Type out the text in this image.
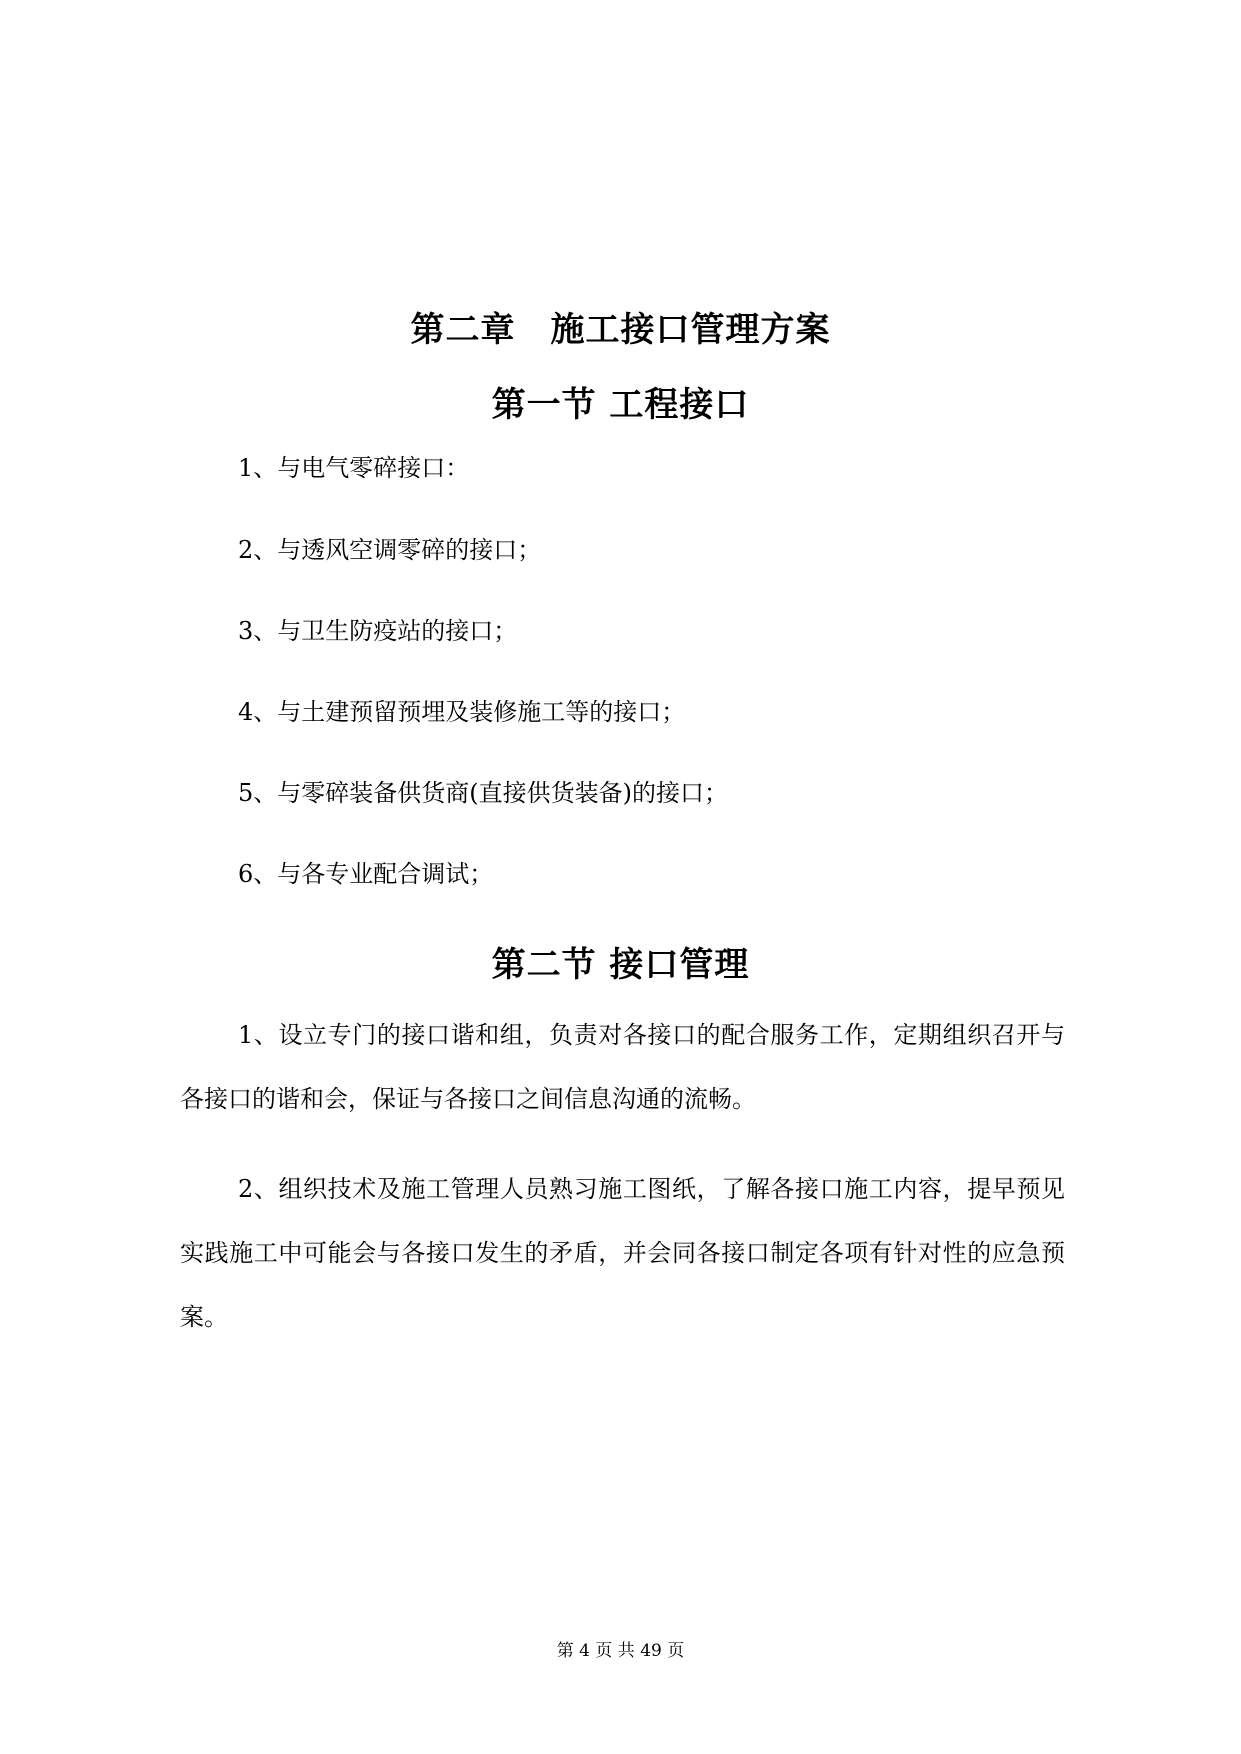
第二章　施工接口管理方案
第一节 工程接口
1、与电气零碎接口：
2、与透风空调零碎的接口；
3、与卫生防疫站的接口；
4、与土建预留预埋及装修施工等的接口；
5、与零碎装备供货商(直接供货装备)的接口；
6、与各专业配合调试；
第二节 接口管理
1、设立专门的接口谐和组，负责对各接口的配合服务工作，定期组织召开与各接口的谐和会，保证与各接口之间信息沟通的流畅。
2、组织技术及施工管理人员熟习施工图纸，了解各接口施工内容，提早预见实践施工中可能会与各接口发生的矛盾，并会同各接口制定各项有针对性的应急预案。
第 4 页 共 49 页
